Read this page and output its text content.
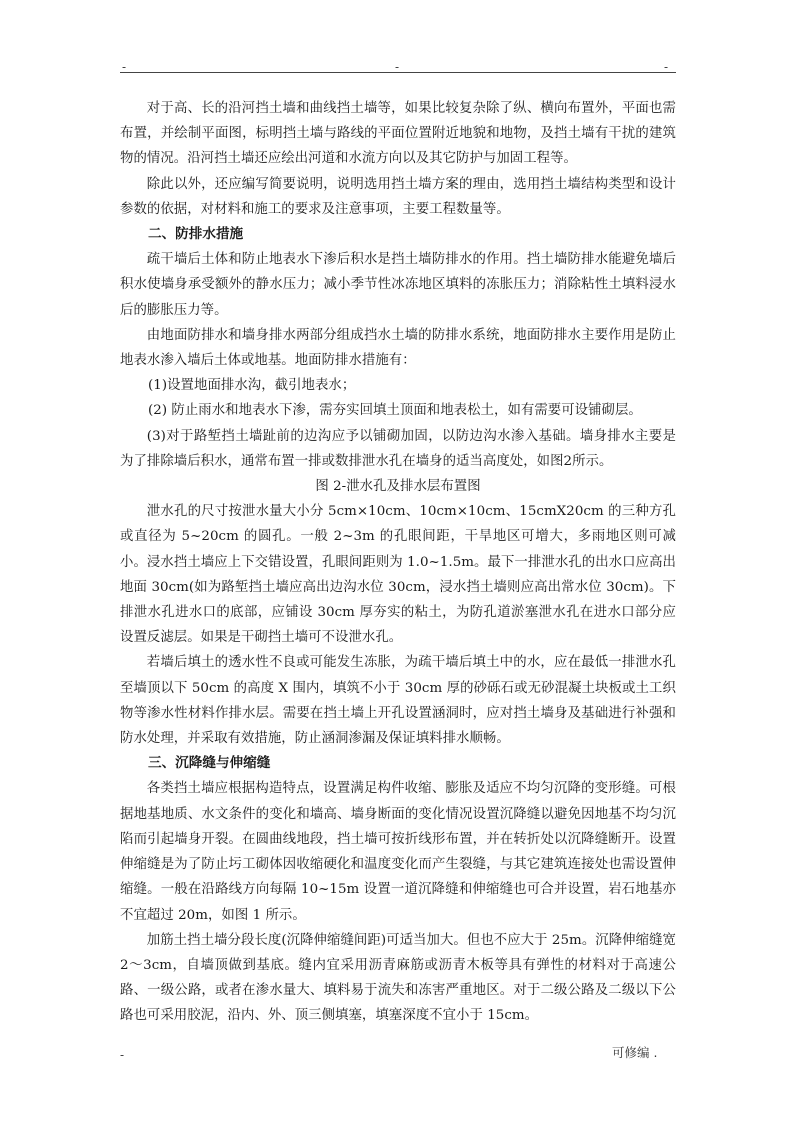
-	-	-

对于高、长的沿河挡土墙和曲线挡土墙等，如果比较复杂除了纵、横向布置外，平面也需布置，并绘制平面图，标明挡土墙与路线的平面位置附近地貌和地物，及挡土墙有干扰的建筑物的情况。沿河挡土墙还应绘出河道和水流方向以及其它防护与加固工程等。

除此以外，还应编写简要说明，说明选用挡土墙方案的理由，选用挡土墙结构类型和设计参数的依据，对材料和施工的要求及注意事项，主要工程数量等。

二、防排水措施

疏干墙后土体和防止地表水下渗后积水是挡土墙防排水的作用。挡土墙防排水能避免墙后积水使墙身承受额外的静水压力；减小季节性冰冻地区填料的冻胀压力；消除粘性土填料浸水后的膨胀压力等。

由地面防排水和墙身排水两部分组成挡水土墙的防排水系统，地面防排水主要作用是防止地表水渗入墙后土体或地基。地面防排水措施有：

(1)设置地面排水沟，截引地表水；

(2) 防止雨水和地表水下渗，需夯实回填土顶面和地表松土，如有需要可设铺砌层。

(3)对于路堑挡土墙趾前的边沟应予以铺砌加固，以防边沟水渗入基础。墙身排水主要是为了排除墙后积水，通常布置一排或数排泄水孔在墙身的适当高度处，如图2所示。

图 2-泄水孔及排水层布置图

泄水孔的尺寸按泄水量大小分 5cm×10cm、10cm×10cm、15cmX20cm 的三种方孔或直径为 5~20cm 的圆孔。一般 2~3m 的孔眼间距，干旱地区可增大，多雨地区则可减小。浸水挡土墙应上下交错设置，孔眼间距则为 1.0~1.5m。最下一排泄水孔的出水口应高出地面 30cm(如为路堑挡土墙应高出边沟水位 30cm，浸水挡土墙则应高出常水位 30cm)。下排泄水孔进水口的底部，应铺设 30cm 厚夯实的粘土，为防孔道淤塞泄水孔在进水口部分应设置反滤层。如果是干砌挡土墙可不设泄水孔。

若墙后填土的透水性不良或可能发生冻胀，为疏干墙后填土中的水，应在最低一排泄水孔至墙顶以下 50cm 的高度 X 围内，填筑不小于 30cm 厚的砂砾石或无砂混凝土块板或土工织物等渗水性材料作排水层。需要在挡土墙上开孔设置涵洞时，应对挡土墙身及基础进行补强和防水处理，并采取有效措施，防止涵洞渗漏及保证填料排水顺畅。

三、沉降缝与伸缩缝

各类挡土墙应根据构造特点，设置满足构件收缩、膨胀及适应不均匀沉降的变形缝。可根据地基地质、水文条件的变化和墙高、墙身断面的变化情况设置沉降缝以避免因地基不均匀沉陷而引起墙身开裂。在圆曲线地段，挡土墙可按折线形布置，并在转折处以沉降缝断开。设置伸缩缝是为了防止圬工砌体因收缩硬化和温度变化而产生裂缝，与其它建筑连接处也需设置伸缩缝。一般在沿路线方向每隔 10~15m 设置一道沉降缝和伸缩缝也可合并设置，岩石地基亦不宜超过 20m，如图 1 所示。

加筋土挡土墙分段长度(沉降伸缩缝间距)可适当加大。但也不应大于 25m。沉降伸缩缝宽 2～3cm，自墙顶做到基底。缝内宜采用沥青麻筋或沥青木板等具有弹性的材料对于高速公路、一级公路，或者在渗水量大、填料易于流失和冻害严重地区。对于二级公路及二级以下公路也可采用胶泥，沿内、外、顶三侧填塞，填塞深度不宜小于 15cm。

-	可修编 .
